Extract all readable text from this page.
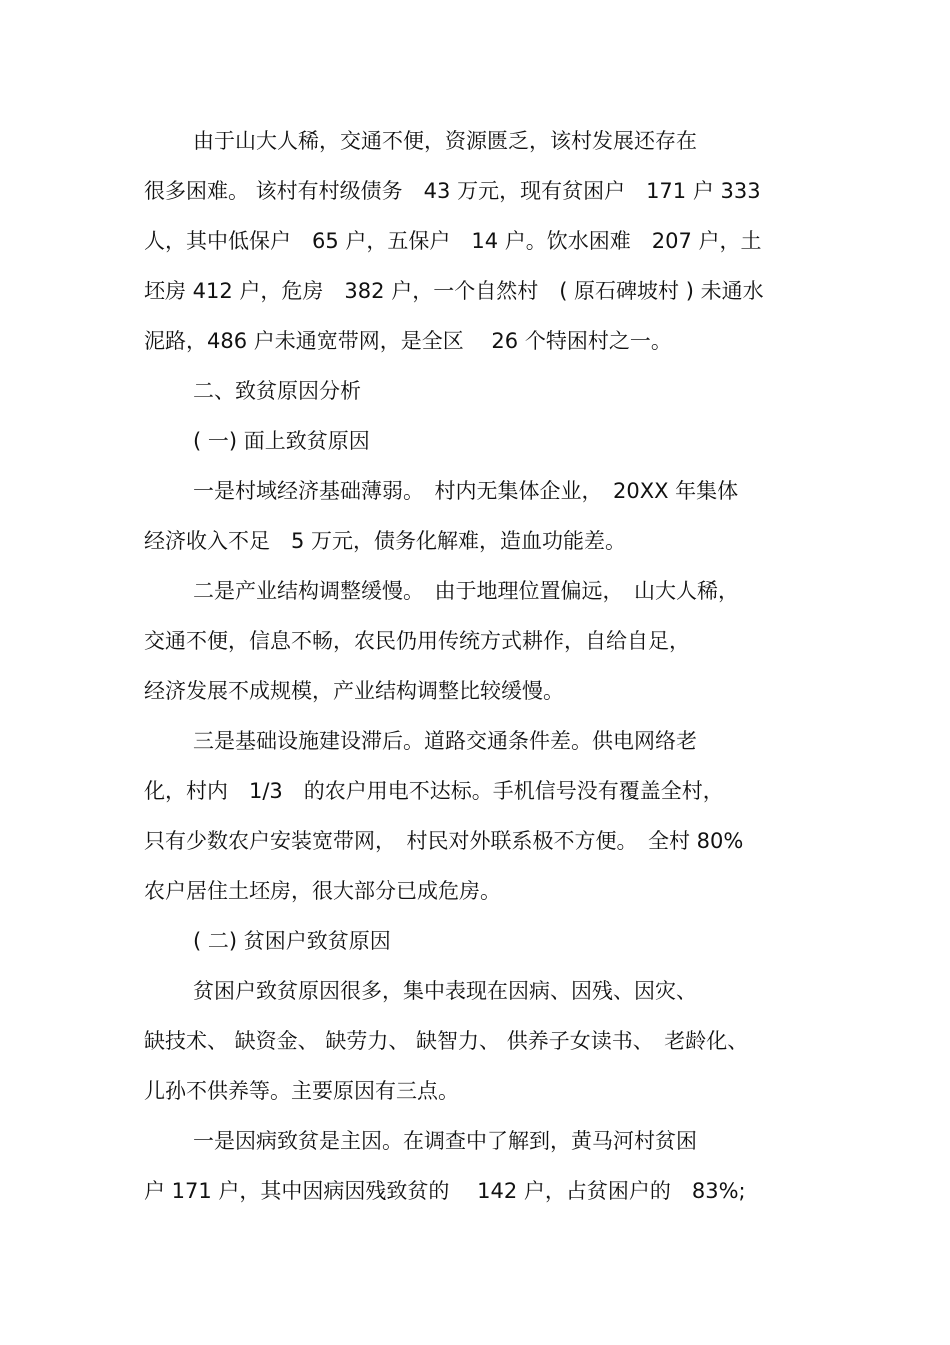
由于山大人稀，交通不便，资源匮乏，该村发展还存在
很多困难。 该村有村级债务　43 万元，现有贫困户　171 户 333
人，其中低保户　65 户，五保户　14 户。饮水困难　207 户，土
坯房 412 户，危房　382 户，一个自然村　( 原石碑坡村 ) 未通水
泥路，486 户未通宽带网，是全区　 26 个特困村之一。
二、致贫原因分析
( 一) 面上致贫原因
一是村域经济基础薄弱。　村内无集体企业，　20XX 年集体
经济收入不足　5 万元，债务化解难，造血功能差。
二是产业结构调整缓慢。　由于地理位置偏远，　山大人稀，
交通不便，信息不畅，农民仍用传统方式耕作，自给自足，
经济发展不成规模，产业结构调整比较缓慢。
三是基础设施建设滞后。道路交通条件差。供电网络老
化，村内　1/3　的农户用电不达标。手机信号没有覆盖全村，
只有少数农户安装宽带网，　村民对外联系极不方便。　全村 80%
农户居住土坯房，很大部分已成危房。
( 二) 贫困户致贫原因
贫困户致贫原因很多，集中表现在因病、因残、因灾、
缺技术、 缺资金、 缺劳力、 缺智力、 供养子女读书、　老龄化、
儿孙不供养等。主要原因有三点。
一是因病致贫是主因。在调查中了解到，黄马河村贫困
户 171 户，其中因病因残致贫的　 142 户，占贫困户的　83%;
